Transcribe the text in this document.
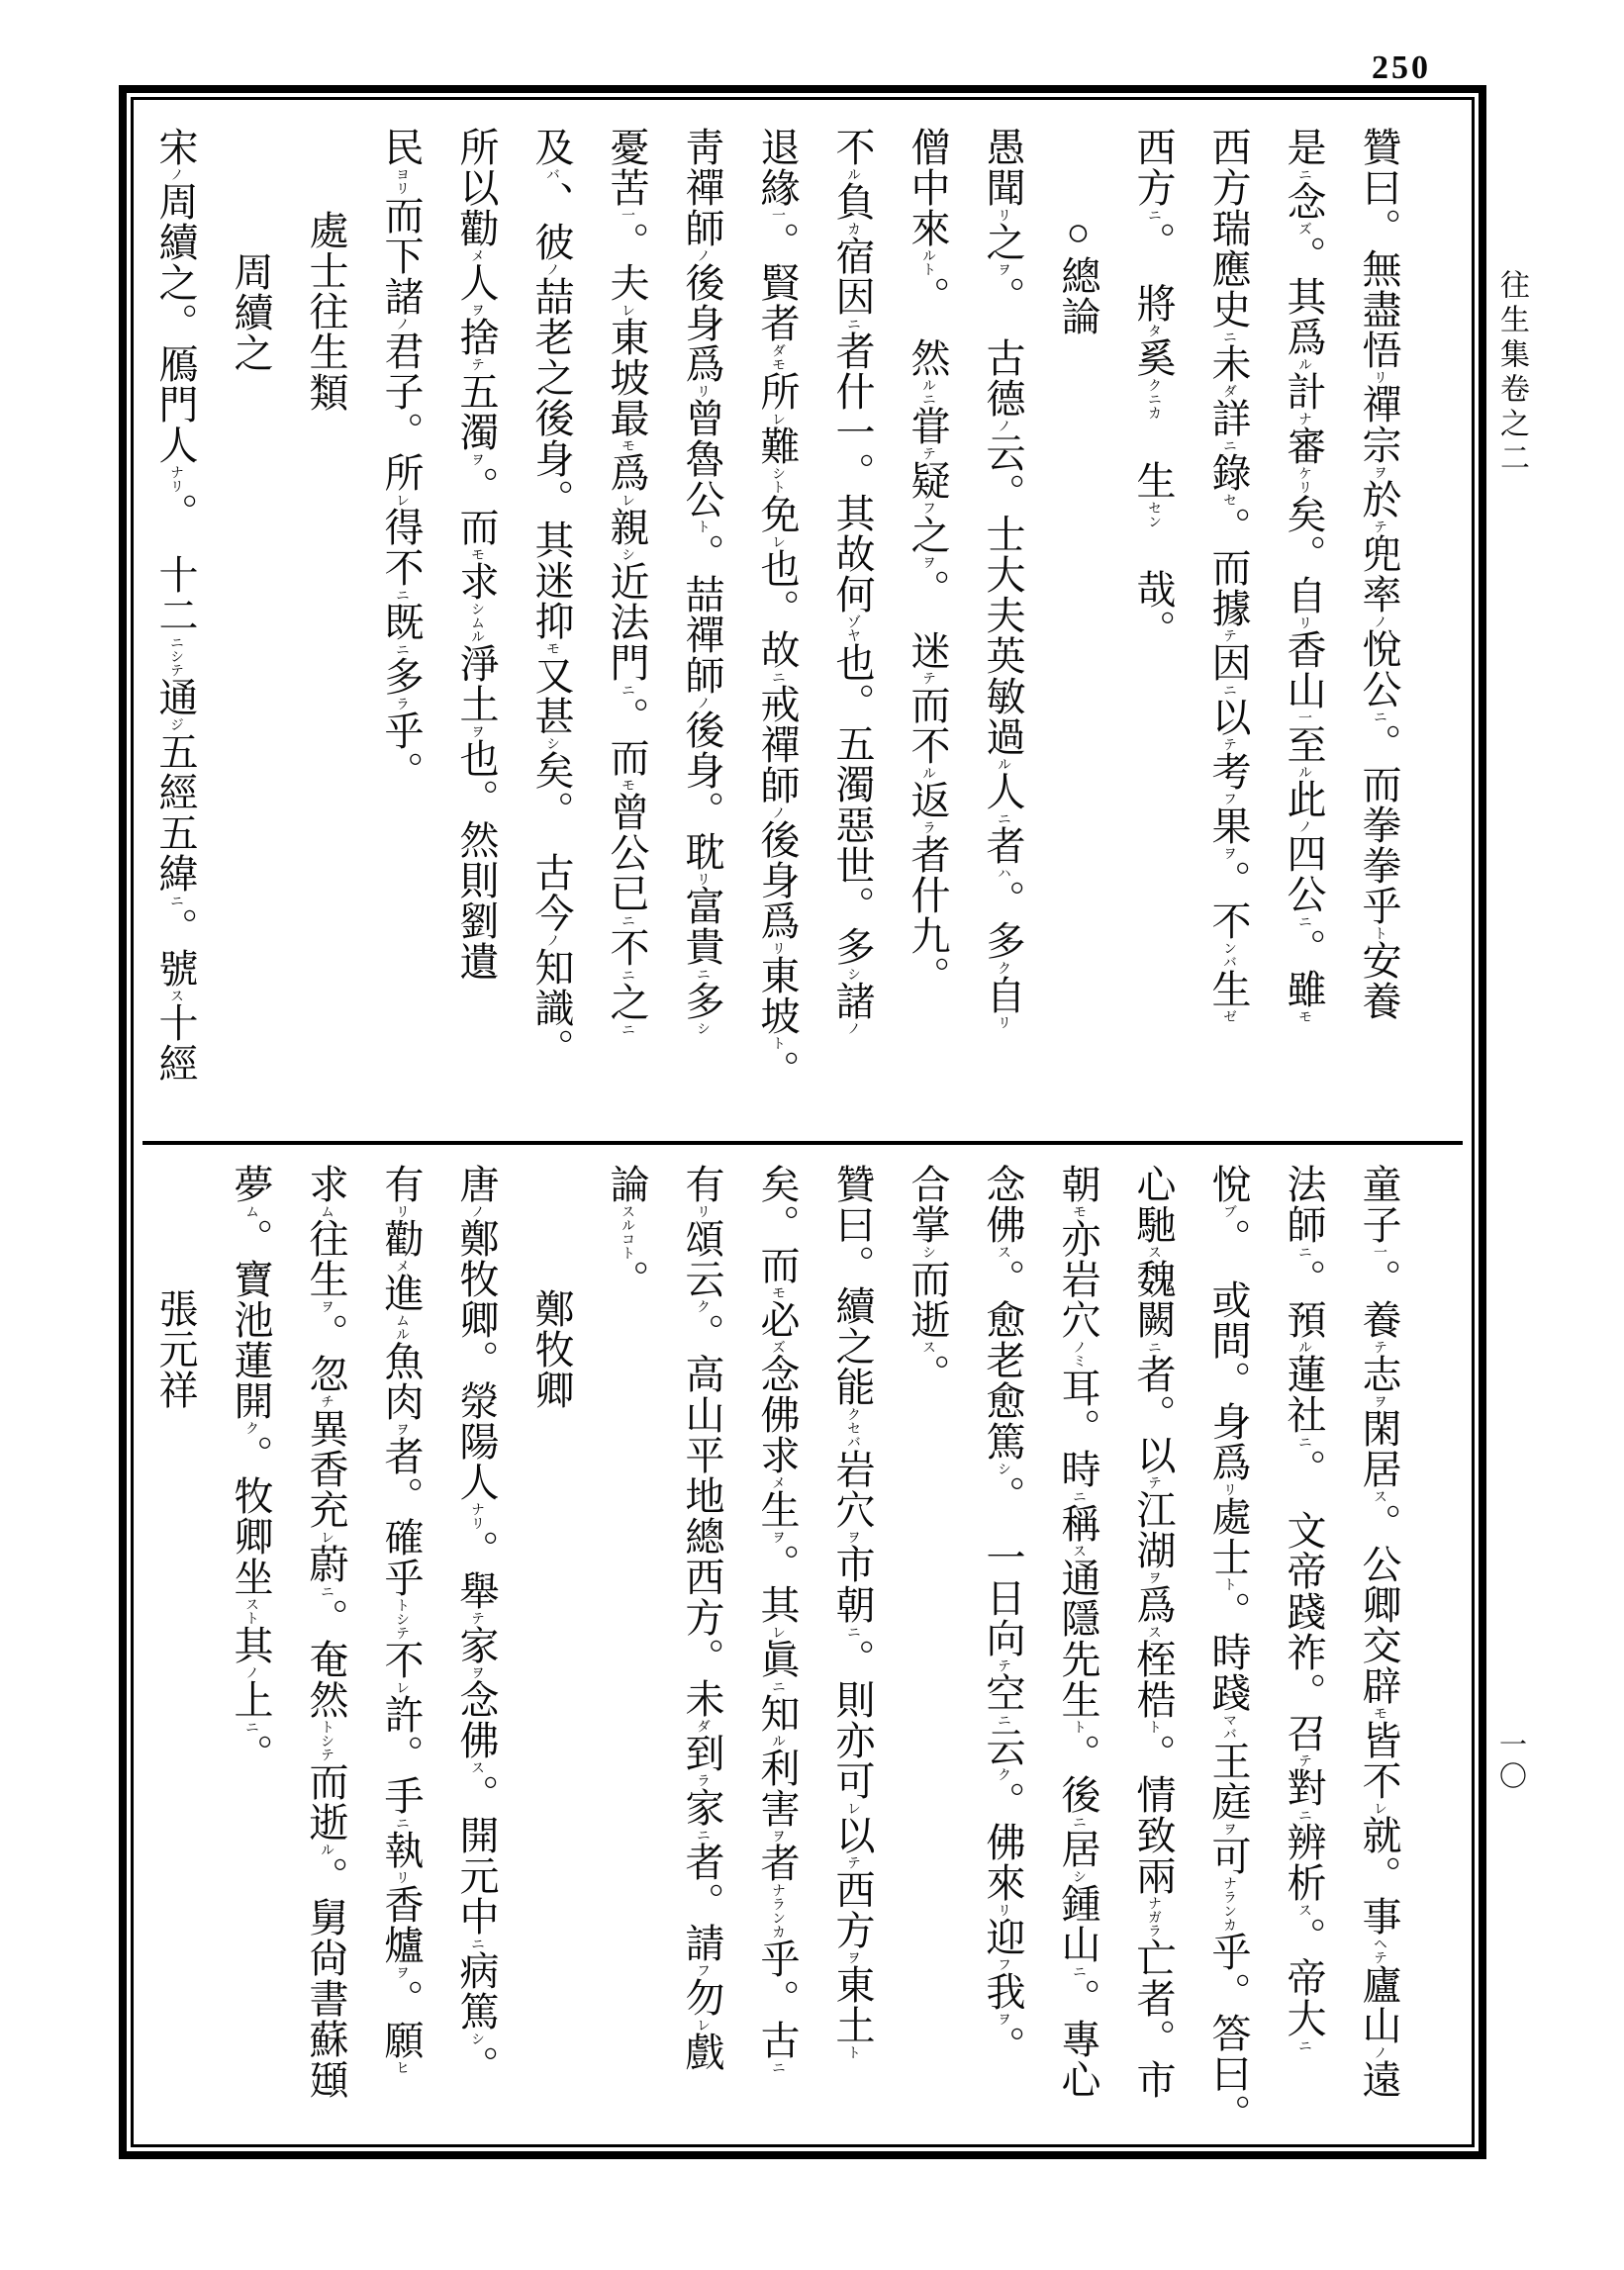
250
往生集卷之二
一〇
贊曰。無盡悟リ禪宗ヲ於テ兜率ノ悅公ニ。而拳拳乎ト安養
是ニ念ズ。其爲ル計ナ審ケリ矣。自リ香山一至ル此ノ四公ニ。雖モ
西方瑞應史ニ未ダ詳ニ錄セ。而據テ因ニ以テ考フ果ヲ。不ンバ生ゼ
西方ニ。　將タ奚クニカ　生セン　哉。
○總論
愚聞リ之ヲ。　古德ノ云。士大夫英敏過ル人ニ者ハ。多ク自リ
僧中來ルト。　然ルニ甞テ疑フ之ヲ。　迷テ而不ル返ラ者什九。
不ル負カ宿因ニ者什一。其故何ゾヤ也。五濁惡世。多シ諸ノ
退緣一。賢者ダモ所レ難シト免レ也。故ニ戒禪師ノ後身爲リ東坡ト。
靑禪師ノ後身爲リ曾魯公ト。喆禪師ノ後身。耽リ富貴ニ多シ
憂苦一。夫レ東坡最モ爲レ親シ近法門ニ。而モ曾公已ニ不ニ之ニ
及バ、彼ノ喆老之後身。其迷抑モ又甚シ矣。　古今ノ知識。
所以勸メ人ヲ捨テ五濁ヲ。而モ求シムル淨土ヲ也。然則劉遺
民ヨリ而下諸ノ君子。所レ得不ニ既ニ多ラ乎。
處士往生類
周續之
宋ノ周續之。鴈門人ナリ。　十二ニシテ通ジ五經五緯ニ。號ス十經
童子一。養テ志ヲ閑居ス。公卿交辟モ皆不レ就。事ヘテ廬山ノ遠
法師ニ。預ル蓮社ニ。　文帝踐祚。召テ對ニ辨析ス。帝大ニ
悅ブ。　或問。身爲リ處士ト。時踐マバ王庭ヲ可ナランカ乎。答曰。
心馳ス魏闕ニ者。以テ江湖ヲ爲ス桎梏ト。情致兩ナガラ亡者。市
朝モ亦岩穴ノミ耳。時ニ稱ス通隱先生ト。後ニ居シ鍾山ニ。專心
念佛ス。愈老愈篤シ。　一日向テ空ニ云ク。佛來リ迎フ我ヲ。
合掌シ而逝ス。
贊曰。續之能クセバ岩穴ヲ市朝ニ。則亦可レ以テ西方ヲ東土ト
矣。而モ必ズ念佛求メ生ヲ。其レ眞ニ知ル利害ヲ者ナランカ乎。古ニ
有リ頌云ク。高山平地總西方。未ダ到ラ家ニ者。請フ勿レ戲
論スルコト。
鄭牧卿
唐ノ鄭牧卿。滎陽人ナリ。舉テ家ヲ念佛ス。開元中ニ病篤シ。
有リ勸メ進ムル魚肉ヲ者。確乎トシテ不レ許。手ニ執リ香爐ヲ。願ヒ
求ム往生ヲ。忽チ異香充レ蔚ニ。奄然トシテ而逝ル。舅尙書蘇頲
夢ム。寶池蓮開ク。牧卿坐スト其ノ上ニ。
張元祥
